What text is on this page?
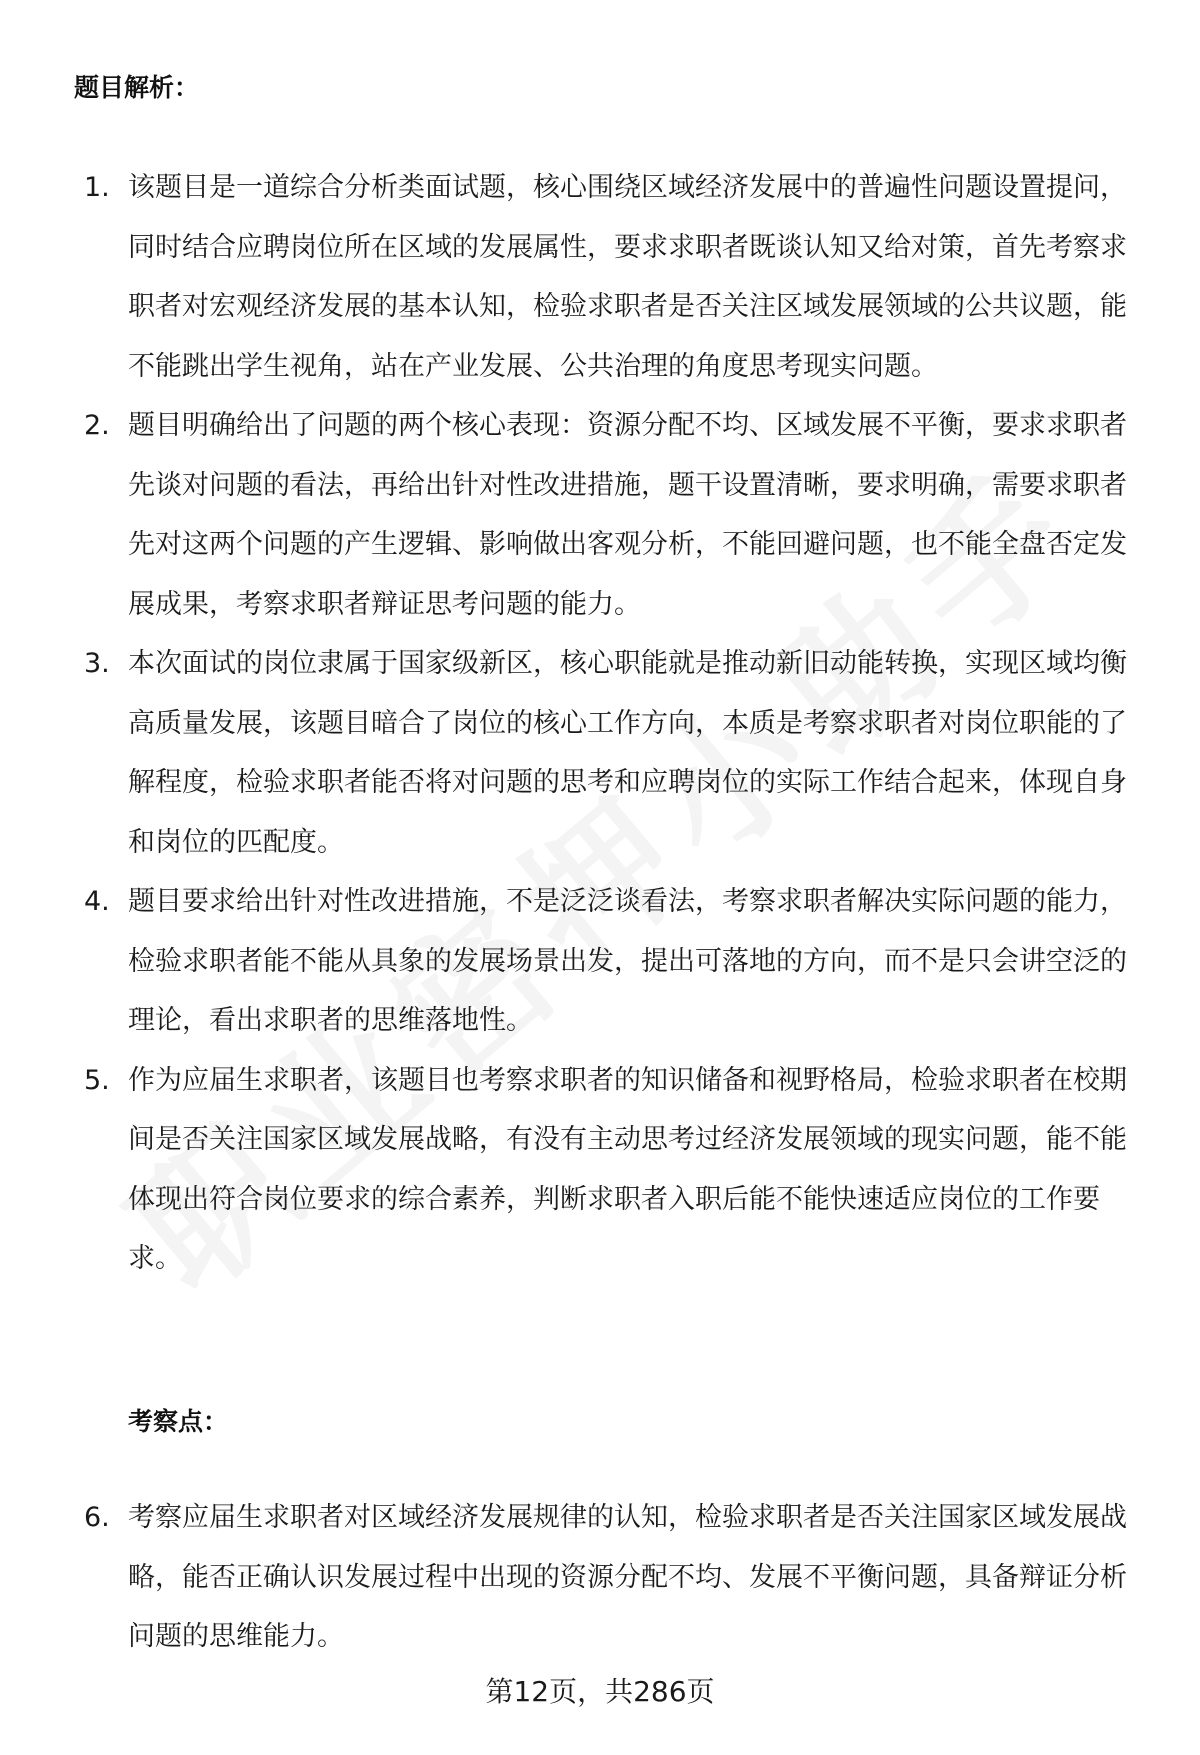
题目解析：
1. 该题目是一道综合分析类面试题，核心围绕区域经济发展中的普遍性问题设置提问，同时结合应聘岗位所在区域的发展属性，要求求职者既谈认知又给对策，首先考察求职者对宏观经济发展的基本认知，检验求职者是否关注区域发展领域的公共议题，能不能跳出学生视角，站在产业发展、公共治理的角度思考现实问题。
2. 题目明确给出了问题的两个核心表现：资源分配不均、区域发展不平衡，要求求职者先谈对问题的看法，再给出针对性改进措施，题干设置清晰，要求明确，需要求职者先对这两个问题的产生逻辑、影响做出客观分析，不能回避问题，也不能全盘否定发展成果，考察求职者辩证思考问题的能力。
3. 本次面试的岗位隶属于国家级新区，核心职能就是推动新旧动能转换，实现区域均衡高质量发展，该题目暗合了岗位的核心工作方向，本质是考察求职者对岗位职能的了解程度，检验求职者能否将对问题的思考和应聘岗位的实际工作结合起来，体现自身和岗位的匹配度。
4. 题目要求给出针对性改进措施，不是泛泛谈看法，考察求职者解决实际问题的能力，检验求职者能不能从具象的发展场景出发，提出可落地的方向，而不是只会讲空泛的理论，看出求职者的思维落地性。
5. 作为应届生求职者，该题目也考察求职者的知识储备和视野格局，检验求职者在校期间是否关注国家区域发展战略，有没有主动思考过经济发展领域的现实问题，能不能体现出符合岗位要求的综合素养，判断求职者入职后能不能快速适应岗位的工作要求。
考察点：
6. 考察应届生求职者对区域经济发展规律的认知，检验求职者是否关注国家区域发展战略，能否正确认识发展过程中出现的资源分配不均、发展不平衡问题，具备辩证分析问题的思维能力。
第12页，共286页
